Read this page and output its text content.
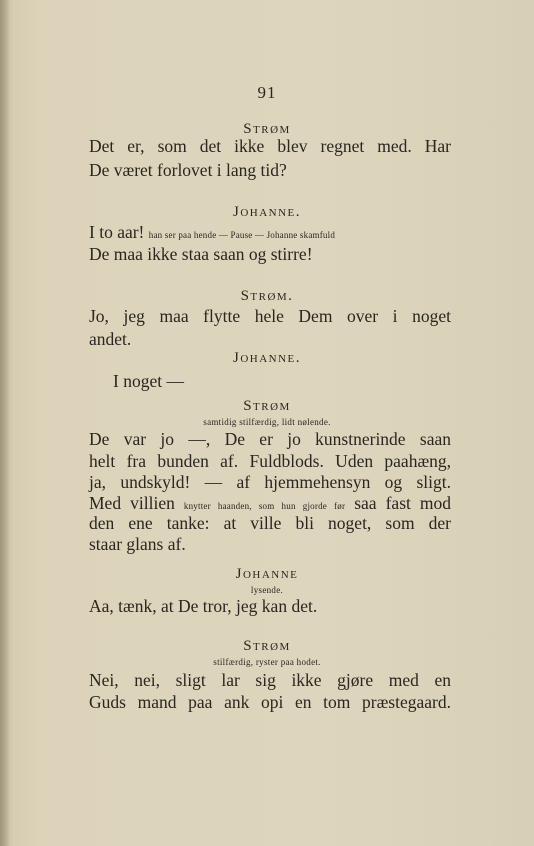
91
Strøm
Det er, som det ikke blev regnet med. Har
De været forlovet i lang tid?
Johanne.
I to aar! han ser paa hende — Pause — Johanne skamfuld
De maa ikke staa saan og stirre!
Strøm.
Jo, jeg maa flytte hele Dem over i noget
andet.
Johanne.
I noget —
Strøm
samtidig stilfærdig, lidt nølende.
De var jo —, De er jo kunstnerinde saan
helt fra bunden af. Fuldblods. Uden paahæng,
ja, undskyld! — af hjemmehensyn og sligt.
Med villien knytter haanden, som hun gjorde før saa fast mod
den ene tanke: at ville bli noget, som der
staar glans af.
Johanne
lysende.
Aa, tænk, at De tror, jeg kan det.
Strøm
stilfærdig, ryster paa hodet.
Nei, nei, sligt lar sig ikke gjøre med en
Guds mand paa ank opi en tom præstegaard.
